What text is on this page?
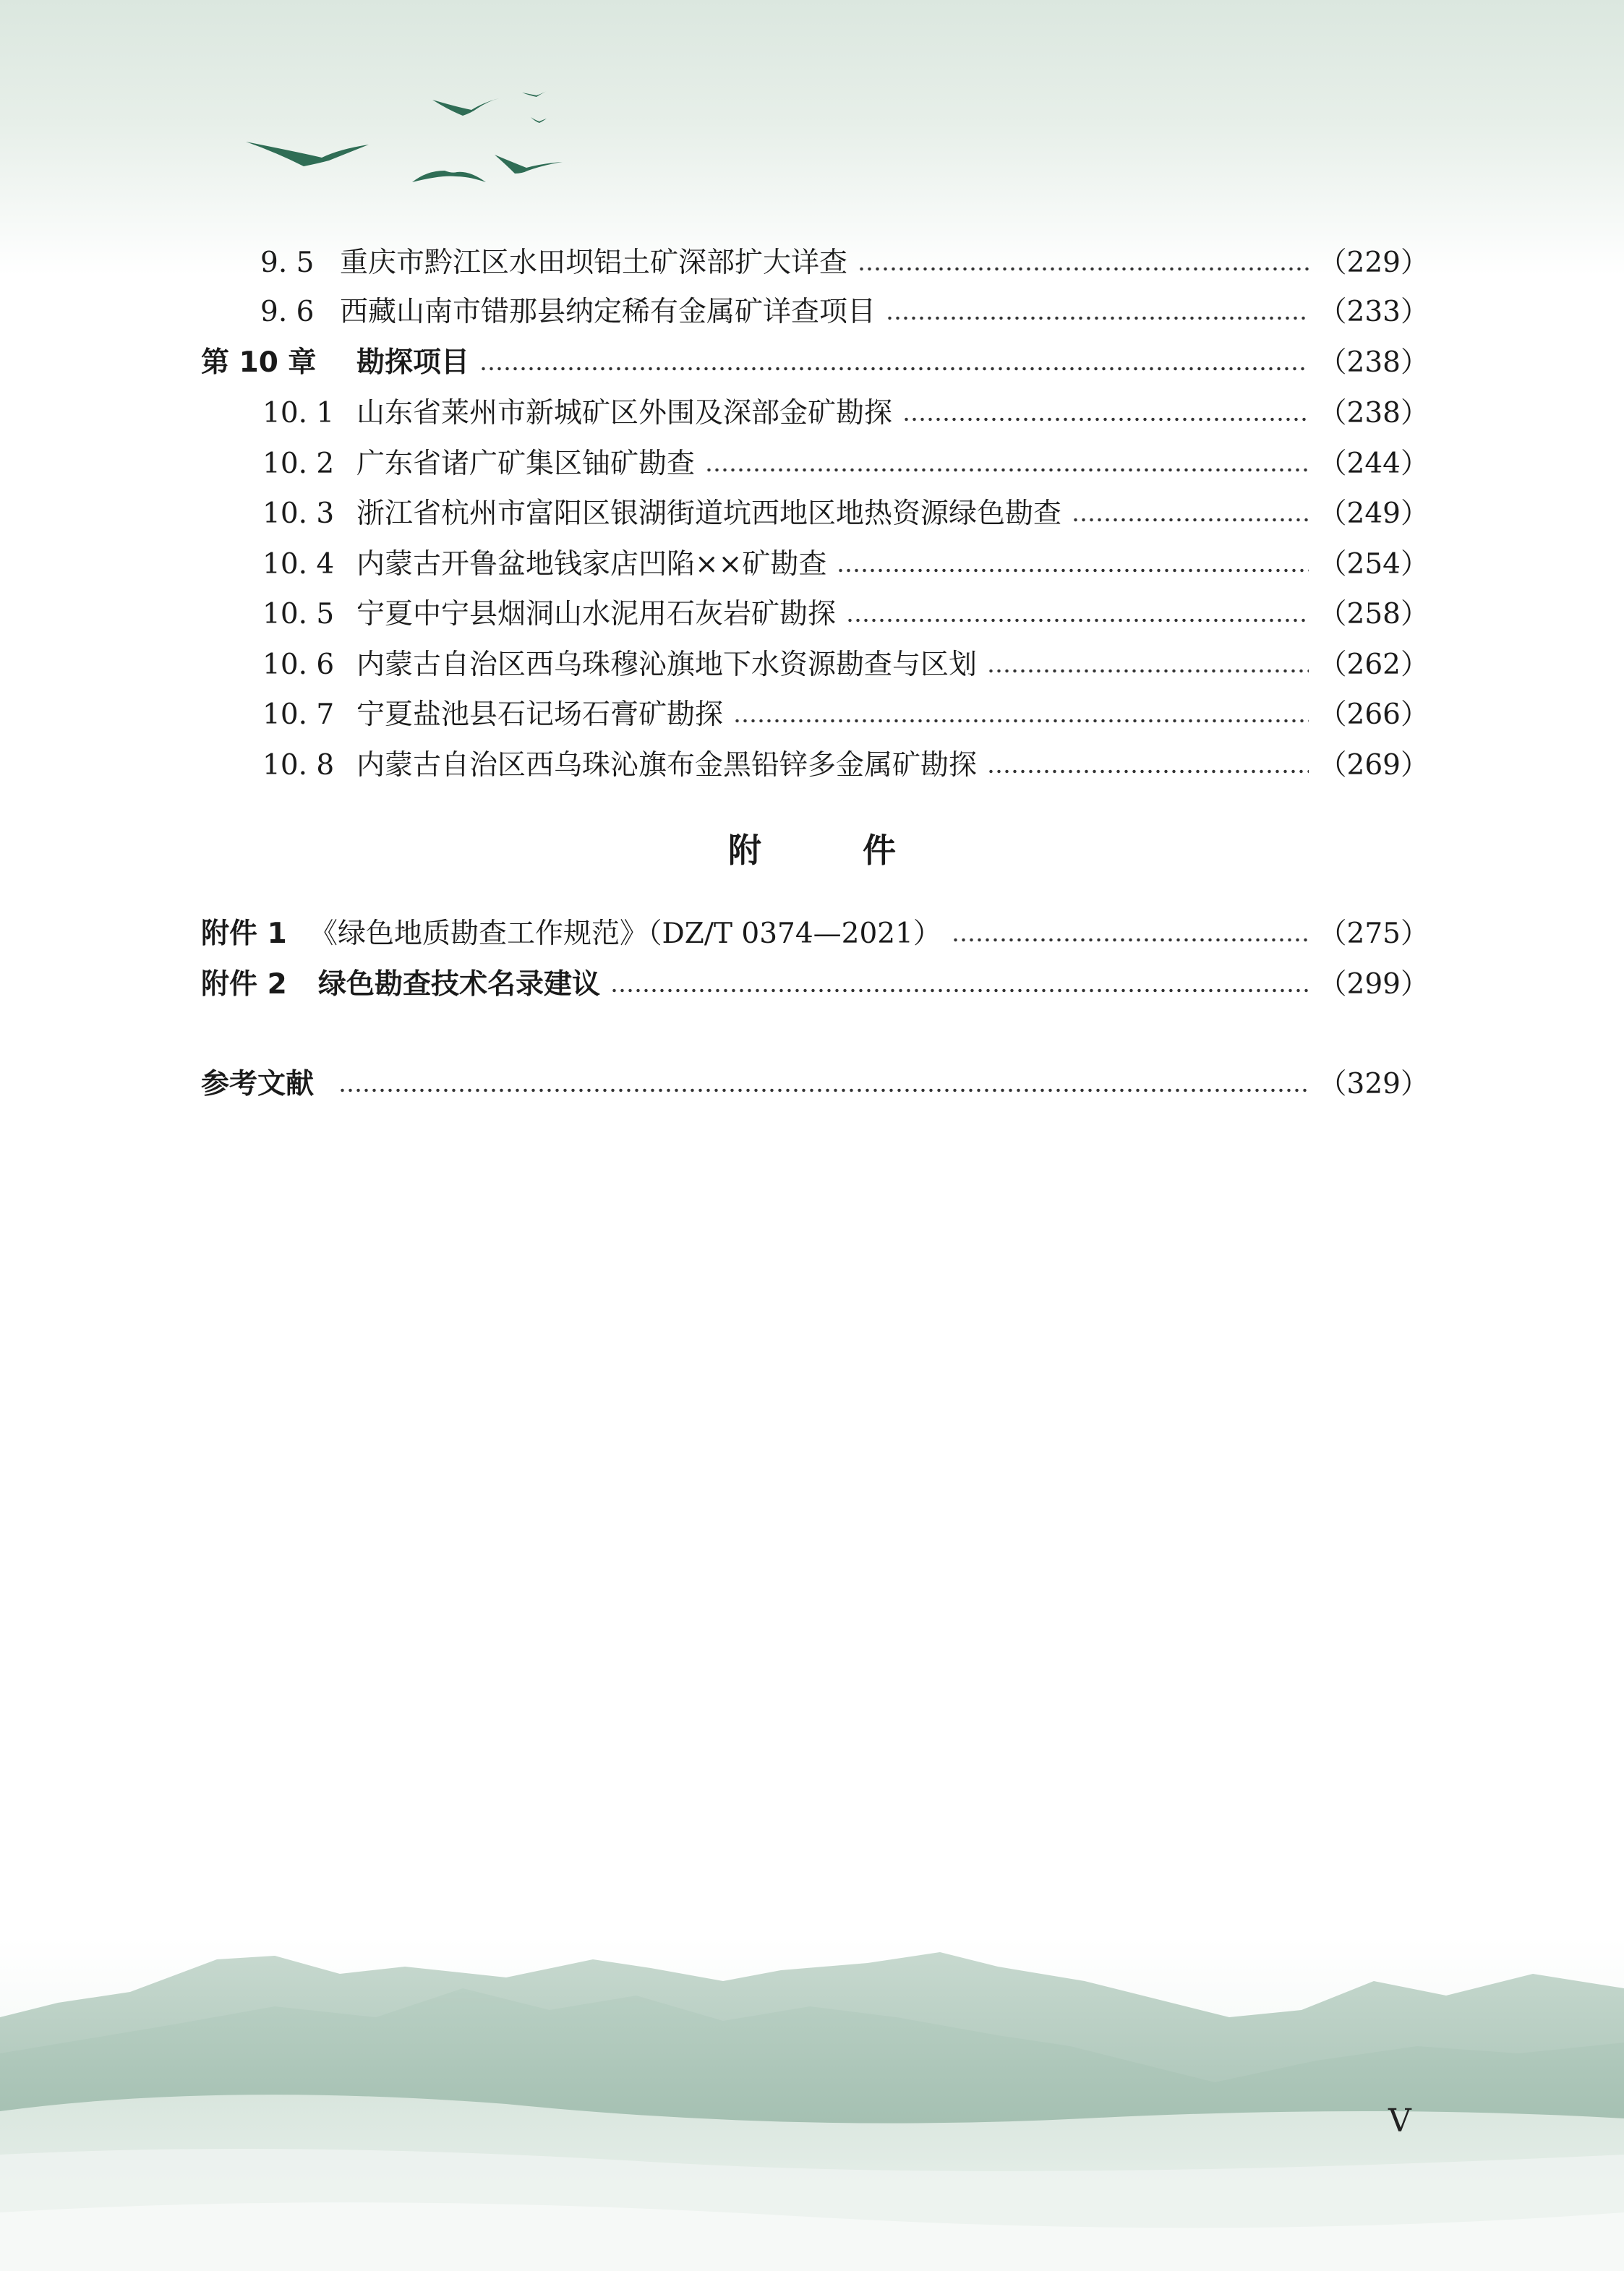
9. 5 重庆市黔江区水田坝铝土矿深部扩大详查	（229）
9. 6 西藏山南市错那县纳定稀有金属矿详查项目	（233）
第 10 章	勘探项目	（238）
10. 1 山东省莱州市新城矿区外围及深部金矿勘探	（238）
10. 2 广东省诸广矿集区铀矿勘查	（244）
10. 3 浙江省杭州市富阳区银湖街道坑西地区地热资源绿色勘查	（249）
10. 4 内蒙古开鲁盆地钱家店凹陷××矿勘查	（254）
10. 5 宁夏中宁县烟洞山水泥用石灰岩矿勘探	（258）
10. 6 内蒙古自治区西乌珠穆沁旗地下水资源勘查与区划	（262）
10. 7 宁夏盐池县石记场石膏矿勘探	（266）
10. 8 内蒙古自治区西乌珠沁旗布金黑铅锌多金属矿勘探	（269）
附件
附件 1 《绿色地质勘查工作规范》（DZ/T 0374—2021）	（275）
附件 2	绿色勘查技术名录建议	（299）
参考文献	（329）
V
